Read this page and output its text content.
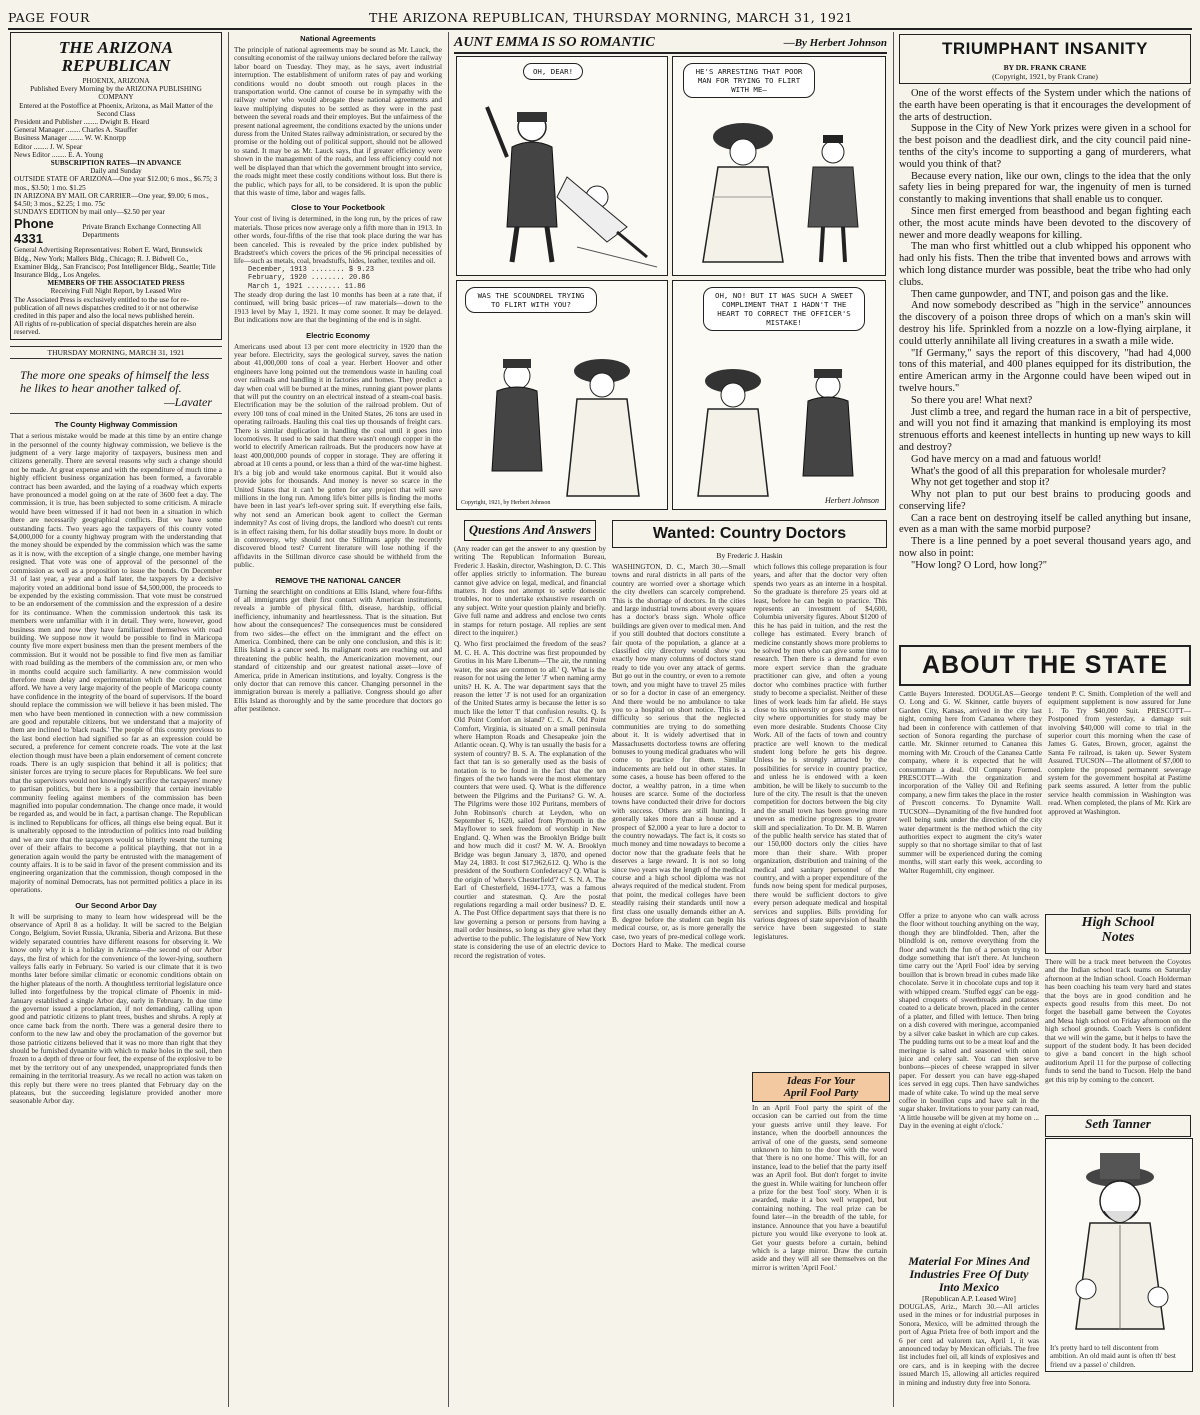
PAGE FOUR	THE ARIZONA REPUBLICAN, THURSDAY MORNING, MARCH 31, 1921
THE ARIZONA REPUBLICAN
PHOENIX, ARIZONA
Published Every Morning by the ARIZONA PUBLISHING COMPANY
Entered at the Postoffice at Phoenix, Arizona, as Mail Matter of the Second Class
President and Publisher ........ Dwight B. Heard
General Manager ........ Charles A. Stauffer
Business Manager ........ W. W. Knorpp
Editor ........ J. W. Spear
News Editor ........ E. A. Young
SUBSCRIPTION RATES—IN ADVANCE
Daily and Sunday
OUTSIDE STATE OF ARIZONA—One year $12.00; 6 mos., $6.75; 3 mos., $3.50; 1 mo. $1.25
IN ARIZONA BY MAIL OR CARRIER—One year, $9.00; 6 mos., $4.50; 3 mos., $2.25; 1 mo. 75c
SUNDAYS EDITION by mail only—$2.50 per year
Phone 4331
Private Branch Exchange Connecting All Departments
General Advertising Representatives: Robert E. Ward, Brunswick Bldg., New York; Mallers Bldg., Chicago; R. J. Bidwell Co., Examiner Bldg., San Francisco; Post Intelligencer Bldg., Seattle; Title Insurance Bldg., Los Angeles.
MEMBERS OF THE ASSOCIATED PRESS
Receiving Full Night Report, by Leased Wire
The Associated Press is exclusively entitled to the use for re-publication of all news dispatches credited to it or not otherwise credited in this paper and also the local news published herein.
All rights of re-publication of special dispatches herein are also reserved.
THURSDAY MORNING, MARCH 31, 1921
The more one speaks of himself the less he likes to hear another talked of.
—Lavater
The County Highway Commission
That a serious mistake would be made at this time by an entire change in the personnel of the county highway commission, we believe is the judgment of a very large majority of taxpayers, business men and citizens generally. There are several reasons why such a change should not be made. At great expense and with the expenditure of much time a highly efficient business organization has been formed, a favorable contract has been awarded, and the laying of a roadway which experts have pronounced a model going on at the rate of 3600 feet a day. The commission, it is true, has been subjected to some criticism. A miracle would have been witnessed if it had not been in a situation in which there are necessarily geographical conflicts. But we have some outstanding facts. Two years ago the taxpayers of this county voted $4,000,000 for a county highway program with the understanding that the money should be expended by the commission which was the same as it is now, with the exception of a single change, one member having resigned. That vote was one of approval of the personnel of the commission as well as a proposition to issue the bonds. On December 31 of last year, a year and a half later, the taxpayers by a decisive majority voted an additional bond issue of $4,500,000, the proceeds to be expended by the existing commission. That vote must be construed to be an endorsement of the commission and the expression of a desire for its continuance. When the commission undertook this task its members were unfamiliar with it in detail. They were, however, good business men and now they have familiarized themselves with road building. We suppose now it would be possible to find in Maricopa county five more expert business men than the present members of the commission. But it would not be possible to find five men as familiar with road building as the members of the commission are, or men who in months could acquire such familiarity. A new commission would therefore mean delay and experimentation which the county cannot afford. We have a very large majority of the people of Maricopa county have confidence in the integrity of the board of supervisors. If the board should replace the commission we will believe it has been misled. The men who have been mentioned in connection with a new commission are good and reputable citizens, but we understand that a majority of them are inclined to 'black roads.' The people of this county previous to the last bond election had signified so far as an expression could be secured, a preference for cement concrete roads. The vote at the last election though must have been a plain endorsement of cement concrete roads. There is an ugly suspicion that behind it all is politics; that sinister forces are trying to secure places for Republicans. We feel sure that the supervisors would not knowingly sacrifice the taxpayers' money to partisan politics, but there is a possibility that certain inevitable community feeling against members of the commission has been magnified into popular condemnation. The change once made, it would be regarded as, and would be in fact, a partisan change. The Republican is inclined to Republicans for offices, all things else being equal. But it is unalterably opposed to the introduction of politics into road building and we are sure that the taxpayers would so bitterly resent the turning over of their affairs to become a political plaything, that not in a generation again would the party be entrusted with the management of county affairs. It is to be said in favor of the present commission and its engineering organization that the commission, though composed in the majority of nominal Democrats, has not permitted politics a place in its operations.
Our Second Arbor Day
It will be surprising to many to learn how widespread will be the observance of April 8 as a holiday. It will be sacred to the Belgian Congo, Belgium, Soviet Russia, Ukrania, Siberia and Arizona. But these widely separated countries have different reasons for observing it. We know only why it is a holiday in Arizona—the second of our Arbor days, the first of which for the convenience of the lower-lying, southern valleys falls early in February. So varied is our climate that it is two months later before similar climatic or economic conditions obtain on the higher plateaus of the north. A thoughtless territorial legislature once lulled into forgetfulness by the tropical climate of Phoenix in mid-January established a single Arbor day, early in February. In due time the governor issued a proclamation, if not demanding, calling upon good and patriotic citizens to plant trees, bushes and shrubs. A reply at once came back from the north. There was a general desire there to conform to the new law and obey the proclamation of the governor but those patriotic citizens believed that it was no more than right that they should be furnished dynamite with which to make holes in the soil, then frozen to a depth of three or four feet, the expense of the explosive to be met by the territory out of any unexpended, unappropriated funds then remaining in the territorial treasury. As we recall no action was taken on this reply but there were no trees planted that February day on the plateaus, but the succeeding legislature provided another more seasonable Arbor day.
National Agreements
The principle of national agreements may be sound as Mr. Lauck, the consulting economist of the railway unions declared before the railway labor board on Tuesday. They may, as he says, avert industrial interruption. The establishment of uniform rates of pay and working conditions would no doubt smooth out rough places in the transportation world. One cannot of course be in sympathy with the railway owner who would abrogate these national agreements and leave multiplying disputes to be settled as they were in the past between the several roads and their employes. But the unfairness of the present national agreement, the conditions exacted by the unions under duress from the United States railway administration, or secured by the promise or the holding out of political support, should not be allowed to stand. It may be as Mr. Lauck says, that if greater efficiency were shown in the management of the roads, and less efficiency could not well be displayed than that which the government brought into service, the roads might meet these costly conditions without loss. But there is the public, which pays for all, to be considered. It is upon the public that this waste of time, labor and wages falls.
Close to Your Pocketbook
Your cost of living is determined, in the long run, by the prices of raw materials. Those prices now average only a fifth more than in 1913. In other words, four-fifths of the rise that took place during the war has been canceled. This is revealed by the price index published by Bradstreet's which covers the prices of the 96 principal necessities of life—such as metals, coal, breadstuffs, hides, leather, textiles and oil.
December, 1913 ........ $ 9.23
February, 1920 ........ 20.86
March 1, 1921 ........ 11.86
The steady drop during the last 10 months has been at a rate that, if continued, will bring basic prices—of raw materials—down to the 1913 level by May 1, 1921. It may come sooner. It may be delayed. But indications now are that the beginning of the end is in sight.
Electric Economy
Americans used about 13 per cent more electricity in 1920 than the year before. Electricity, says the geological survey, saves the nation about 41,000,000 tons of coal a year. Herbert Hoover and other engineers have long pointed out the tremendous waste in hauling coal over railroads and handling it in factories and homes. They predict a day when coal will be burned at the mines, running giant power plants that will put the country on an electrical instead of a steam-coal basis. Electrification may be the solution of the railroad problem. Out of every 100 tons of coal mined in the United States, 26 tons are used in operating railroads. Hauling this coal ties up thousands of freight cars. There is similar duplication in handling the coal until it goes into locomotives. It used to be said that there wasn't enough copper in the world to electrify American railroads. But the producers now have at least 400,000,000 pounds of copper in storage. They are offering it abroad at 10 cents a pound, or less than a third of the war-time highest. It's a big job and would take enormous capital. But it would also provide jobs for thousands. And money is never so scarce in the United States that it can't be gotten for any project that will save millions in the long run. Among life's bitter pills is finding the moths have been in last year's left-over spring suit. If everything else fails, why not send an American book agent to collect the German indemnity? As cost of living drops, the landlord who doesn't cut rents is in effect raising them, for his dollar steadily buys more. In doubt or in controversy, why should not the Stillmans apply the recently discovered blood test? Current literature will lose nothing if the affidavits in the Stillman divorce case should be withheld from the public.
REMOVE THE NATIONAL CANCER
Turning the searchlight on conditions at Ellis Island, where four-fifths of all immigrants get their first contact with American institutions, reveals a jumble of physical filth, disease, hardship, official inefficiency, inhumanity and heartlessness. That is the situation. But how about the consequences? The consequences must be considered from two sides—the effect on the immigrant and the effect on America. Combined, there can be only one conclusion, and this is it: Ellis Island is a cancer seed. Its malignant roots are reaching out and threatening the public health, the Americanization movement, our standard of citizenship and our greatest national asset—love of America, pride in American institutions, and loyalty. Congress is the only doctor that can remove this cancer. Changing personnel in the immigration bureau is merely a palliative. Congress should go after Ellis Island as thoroughly and by the same procedure that doctors go after pestilence.
AUNT EMMA IS SO ROMANTIC	—By Herbert Johnson
OH, DEAR!	HE'S ARRESTING THAT POOR MAN FOR TRYING TO FLIRT WITH ME—
WAS THE SCOUNDREL TRYING TO FLIRT WITH YOU?
Copyright, 1921, by Herbert Johnson
OH, NO! BUT IT WAS SUCH A SWEET COMPLIMENT THAT I HADN'T THE HEART TO CORRECT THE OFFICER'S MISTAKE!
Herbert Johnson
Questions And Answers
(Any reader can get the answer to any question by writing The Republican Information Bureau, Frederic J. Haskin, director, Washington, D. C. This offer applies strictly to information. The bureau cannot give advice on legal, medical, and financial matters. It does not attempt to settle domestic troubles, nor to undertake exhaustive research on any subject. Write your question plainly and briefly. Give full name and address and enclose two cents in stamps for return postage. All replies are sent direct to the inquirer.)
Q. Who first proclaimed the freedom of the seas? M. C. H. A. This doctrine was first propounded by Grotius in his Mare Liberum—'The air, the running water, the seas are common to all.' Q. What is the reason for not using the letter 'J' when naming army units? H. K. A. The war department says that the reason the letter 'J' is not used for an organization of the United States army is because the letter is so much like the letter 'I' that confusion results. Q. Is Old Point Comfort an island? C. C. A. Old Point Comfort, Virginia, is situated on a small peninsula where Hampton Roads and Chesapeake join the Atlantic ocean. Q. Why is tan usually the basis for a system of country? B. S. A. The explanation of the fact that tan is so generally used as the basis of notation is to be found in the fact that the ten fingers of the two hands were the most elementary counters that were used. Q. What is the difference between the Pilgrims and the Puritans? G. W. A. The Pilgrims were those 102 Puritans, members of John Robinson's church at Leyden, who on September 6, 1620, sailed from Plymouth in the Mayflower to seek freedom of worship in New England. Q. When was the Brooklyn Bridge built and how much did it cost? M. W. A. Brooklyn Bridge was begun January 3, 1870, and opened May 24, 1883. It cost $17,962,612. Q. Who is the president of the Southern Confederacy? Q. What is the origin of 'where's Chesterfield'? C. S. N. A. The Earl of Chesterfield, 1694-1773, was a famous courtier and statesman. Q. Are the postal regulations regarding a mail order business? D. E. A. The Post Office department says that there is no law governing a person or persons from having a mail order business, so long as they give what they advertise to the public. The legislature of New York state is considering the use of an electric device to record the registration of votes.
Wanted: Country Doctors
By Frederic J. Haskin
WASHINGTON, D. C., March 30.—Small towns and rural districts in all parts of the country are worried over a shortage which the city dwellers can scarcely comprehend. This is the shortage of doctors. In the cities and large industrial towns about every square has a doctor's brass sign. Whole office buildings are given over to medical men. And if you still doubted that doctors constitute a fair quota of the population, a glance at a classified city directory would show you exactly how many columns of doctors stand ready to tide you over any attack of germs. But go out in the country, or even to a remote town, and you might have to travel 25 miles or so for a doctor in case of an emergency. And there would be no ambulance to take you to a hospital on short notice. This is a difficulty so serious that the neglected communities are trying to do something about it. It is widely advertised that in Massachusetts doctorless towns are offering bonuses to young medical graduates who will come to practice for them. Similar inducements are held out in other states. In some cases, a house has been offered to the doctor, a wealthy patron, in a time when houses are scarce. Some of the doctorless towns have conducted their drive for doctors with success. Others are still hunting. It generally takes more than a house and a prospect of $2,000 a year to lure a doctor to the country nowadays. The fact is, it costs so much money and time nowadays to become a doctor now that the graduate feels that he deserves a large reward. It is not so long since two years was the length of the medical course and a high school diploma was not always required of the medical student. From that point, the medical colleges have been steadily raising their standards until now a first class one usually demands either an A. B. degree before the student can begin his medical course, or, as is more generally the case, two years of pre-medical college work. Doctors Hard to Make. The medical course which follows this college preparation is four years, and after that the doctor very often spends two years as an interne in a hospital. So the graduate is therefore 25 years old at least, before he can begin to practice. This represents an investment of $4,600, Columbia university figures. About $1200 of this he has paid in tuition, and the rest the college has estimated. Every branch of medicine constantly shows more problems to be solved by men who can give some time to research. Then there is a demand for even more expert service than the graduate practitioner can give, and often a young doctor who combines practice with further study to become a specialist. Neither of these lines of work leads him far afield. He stays close to his university or goes to some other city where opportunities for study may be even more desirable. Students Choose City Work. All of the facts of town and country practice are well known to the medical student long before he gets his degree. Unless he is strongly attracted by the possibilities for service in country practice, and unless he is endowed with a keen ambition, he will be likely to succumb to the lure of the city. The result is that the uneven competition for doctors between the big city and the small town has been growing more uneven as medicine progresses to greater skill and specialization. To Dr. M. B. Warren of the public health service has stated that of our 150,000 doctors only the cities have more than their share. With proper organization, distribution and training of the medical and sanitary personnel of the country, and with a proper expenditure of the funds now being spent for medical purposes, there would be sufficient doctors to give every person adequate medical and hospital services and supplies. Bills providing for various degrees of state supervision of health service have been suggested to state legislatures.
Ideas For Your
April Fool Party
In an April Fool party the spirit of the occasion can be carried out from the time your guests arrive until they leave. For instance, when the doorbell announces the arrival of one of the guests, send someone unknown to him to the door with the word that 'there is no one home.' This will, for an instance, lead to the belief that the party itself was an April fool. But don't forget to invite the guest in. While waiting for luncheon offer a prize for the best 'fool' story. When it is awarded, make it a box well wrapped, but containing nothing. The real prize can be found later—in the breadth of the table, for instance. Announce that you have a beautiful picture you would like everyone to look at. Get your guests before a curtain, behind which is a large mirror. Draw the curtain aside and they will all see themselves on the mirror is written 'April Fool.'
TRIUMPHANT INSANITY
BY DR. FRANK CRANE
(Copyright, 1921, by Frank Crane)

One of the worst effects of the System under which the nations of the earth have been operating is that it encourages the development of the arts of destruction.

Suppose in the City of New York prizes were given in a school for the best poison and the deadliest dirk, and the city council paid nine-tenths of the city's income to supporting a gang of murderers, what would you think of that?

Because every nation, like our own, clings to the idea that the only safety lies in being prepared for war, the ingenuity of men is turned constantly to making inventions that shall enable us to conquer.

Since men first emerged from beasthood and began fighting each other, the most acute minds have been devoted to the discovery of newer and more deadly weapons for killing.

The man who first whittled out a club whipped his opponent who had only his fists. Then the tribe that invented bows and arrows with which long distance murder was possible, beat the tribe who had only clubs.

Then came gunpowder, and TNT, and poison gas and the like.

And now somebody described as "high in the service" announces the discovery of a poison three drops of which on a man's skin will destroy his life. Sprinkled from a nozzle on a low-flying airplane, it could utterly annihilate all living creatures in a swath a mile wide.

"If Germany," says the report of this discovery, "had had 4,000 tons of this material, and 400 planes equipped for its distribution, the entire American army in the Argonne could have been wiped out in twelve hours."

So there you are! What next?

Just climb a tree, and regard the human race in a bit of perspective, and will you not find it amazing that mankind is employing its most strenuous efforts and keenest intellects in hunting up new ways to kill and destroy?

God have mercy on a mad and fatuous world!

What's the good of all this preparation for wholesale murder?

Why not get together and stop it?

Why not plan to put our best brains to producing goods and conserving life?

Can a race bent on destroying itself be called anything but insane, even as a man with the same morbid purpose?

There is a line penned by a poet several thousand years ago, and now also in point:

"How long? O Lord, how long?"

ABOUT THE STATE
Cattle Buyers Interested. DOUGLAS—George O. Long and G. W. Skinner, cattle buyers of Garden City, Kansas, arrived in the city last night, coming here from Cananea where they had been in conference with cattlemen of that section of Sonora regarding the purchase of cattle. Mr. Skinner returned to Cananea this morning with Mr. Crouch of the Cananea Cattle company, where it is expected that he will consummate a deal. Oil Company Formed. PRESCOTT—With the organization and incorporation of the Valley Oil and Refining company, a new firm takes the place in the roster of Prescott concerns. To Dynamite Wall. TUCSON—Dynamiting of the five hundred foot well being sunk under the direction of the city water department is the method which the city authorities expect to augment the city's water supply so that no shortage similar to that of last summer will be experienced during the coming months, will start early this week, according to Walter Rugernhill, city engineer.
tendent P. C. Smith. Completion of the well and equipment supplement is now assured for June 1. To Try $40,000 Suit. PRESCOTT—Postponed from yesterday, a damage suit involving $40,000 will come to trial in the superior court this morning when the case of James G. Gates, Brown, grocer, against the Santa Fe railroad, is taken up. Sewer System Assured. TUCSON—The allotment of $7,000 to complete the proposed permanent sewerage system for the government hospital at Pastime park seems assured. A letter from the public service health commission in Washington was read. When completed, the plans of Mr. Kirk are approved at Washington.
Offer a prize to anyone who can walk across the floor without touching anything on the way, though they are blindfolded. Then, after the blindfold is on, remove everything from the floor and watch the fun of a person trying to dodge something that isn't there. At luncheon time carry out the 'April Fool' idea by serving bouillon that is brown bread in cubes made like chocolate. Serve it in chocolate cups and top it with whipped cream. 'Stuffed eggs' can be egg-shaped croquets of sweetbreads and potatoes coated to a delicate brown, placed in the center of a platter, and filled with lettuce. Then bring on a dish covered with meringue, accompanied by a silver cake basket in which are cup cakes. The pudding turns out to be a meat loaf and the meringue is salted and seasoned with onion juice and celery salt. You can then serve bonbons—pieces of cheese wrapped in silver paper. For dessert you can have egg-shaped ices served in egg cups. Then have sandwiches made of white cake. To wind up the meal serve coffee in bouillon cups and have salt in the sugar shaker. Invitations to your party can read, 'A little housebe will be given at my home on ... Day in the evening at eight o'clock.'
High School
Notes
There will be a track meet between the Coyotes and the Indian school track teams on Saturday afternoon at the Indian school. Coach Holderman has been coaching his team very hard and states that the boys are in good condition and he expects good results from this meet. Do not forget the baseball game between the Coyotes and Mesa high school on Friday afternoon on the high school grounds. Coach Veers is confident that we will win the game, but it helps to have the support of the student body. It has been decided to give a band concert in the high school auditorium April 11 for the purpose of collecting funds to send the band to Tucson. Help the band get this trip by coming to the concert.
Seth Tanner
It's pretty hard to tell discontent from ambition. An old maid aunt is often th' best friend uv a passel o' children.
Material For Mines And Industries Free Of Duty Into Mexico
[Republican A.P. Leased Wire]
DOUGLAS, Ariz., March 30.—All articles used in the mines or for industrial purposes in Sonora, Mexico, will be admitted through the port of Agua Prieta free of both import and the 6 per cent ad valorem tax, April 1, it was announced today by Mexican officials. The free list includes fuel oil, all kinds of explosives and ore cars, and is in keeping with the decree issued March 15, allowing all articles required in mining and industry duty free into Sonora.
